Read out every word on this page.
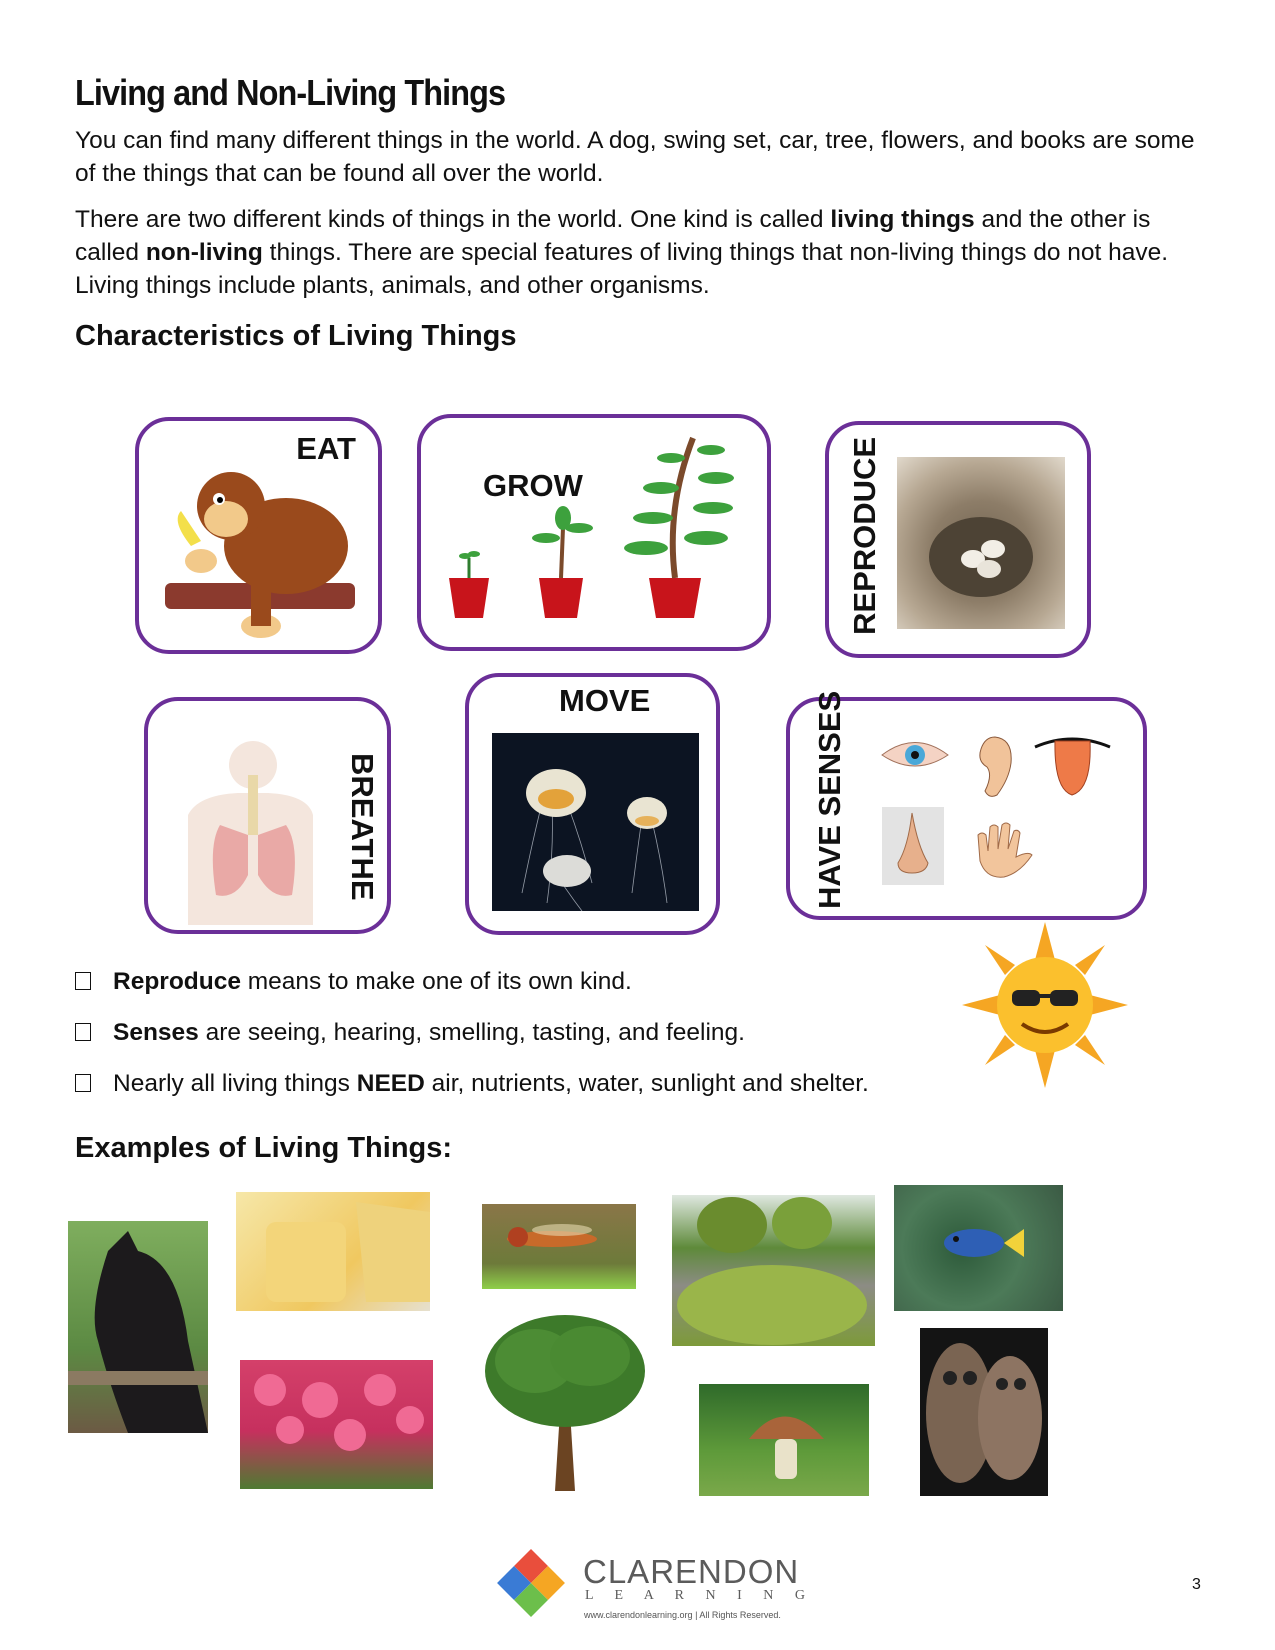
Living and Non-Living Things

You can find many different things in the world. A dog, swing set, car, tree, flowers, and books are some of the things that can be found all over the world.

There are two different kinds of things in the world. One kind is called living things and the other is called non-living things. There are special features of living things that non-living things do not have. Living things include plants, animals, and other organisms.

Characteristics of Living Things
EAT
GROW	REPRODUCE
BREATHE
MOVE	HAVE SENSES
Reproduce means to make one of its own kind.
Senses are seeing, hearing, smelling, tasting, and feeling.
Nearly all living things NEED air, nutrients, water, sunlight and shelter.
Examples of Living Things:
CLARENDON
L E A R N I N G
www.clarendonlearning.org | All Rights Reserved.
3
